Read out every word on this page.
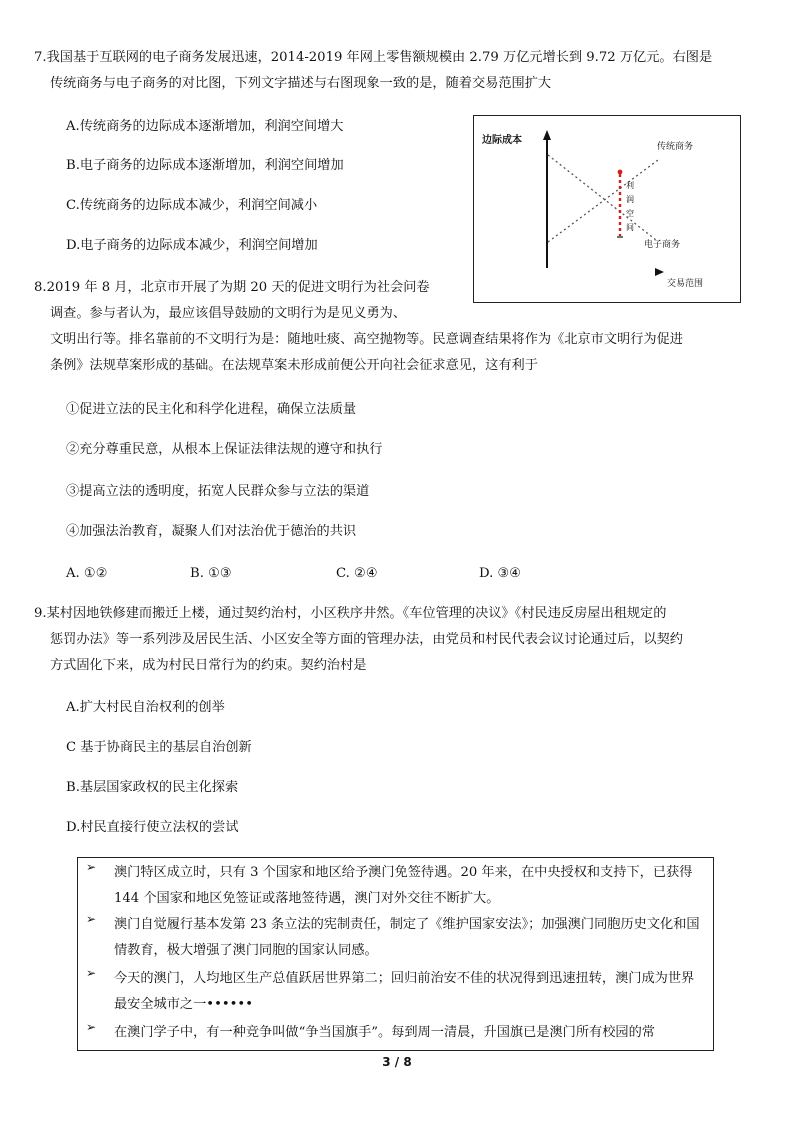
7.我国基于互联网的电子商务发展迅速，2014-2019 年网上零售额规模由 2.79 万亿元增长到 9.72 万亿元。右图是
传统商务与电子商务的对比图，下列文字描述与右图现象一致的是，随着交易范围扩大
A.传统商务的边际成本逐渐增加，利润空间增大
B.电子商务的边际成本逐渐增加，利润空间增加
C.传统商务的边际成本减少，利润空间减小
D.电子商务的边际成本减少，利润空间增加
边际成本
传统商务
电子商务
交易范围
利
润
空
间
8.2019 年 8 月，北京市开展了为期 20 天的促进文明行为社会问卷
调查。参与者认为，最应该倡导鼓励的文明行为是见义勇为、
文明出行等。排名靠前的不文明行为是：随地吐痰、高空抛物等。民意调查结果将作为《北京市文明行为促进
条例》法规草案形成的基础。在法规草案未形成前便公开向社会征求意见，这有利于
①促进立法的民主化和科学化进程，确保立法质量
②充分尊重民意，从根本上保证法律法规的遵守和执行
③提高立法的透明度，拓宽人民群众参与立法的渠道
④加强法治教育，凝聚人们对法治优于德治的共识
A. ①②	B. ①③	C. ②④	D. ③④
9.某村因地铁修建而搬迁上楼，通过契约治村，小区秩序井然。《车位管理的决议》《村民违反房屋出租规定的
惩罚办法》等一系列涉及居民生活、小区安全等方面的管理办法，由党员和村民代表会议讨论通过后，以契约
方式固化下来，成为村民日常行为的约束。契约治村是
A.扩大村民自治权利的创举
C 基于协商民主的基层自治创新
B.基层国家政权的民主化探索
D.村民直接行使立法权的尝试
➢ 澳门特区成立时，只有 3 个国家和地区给予澳门免签待遇。20 年来，在中央授权和支持下，已获得 144 个国家和地区免签证或落地签待遇，澳门对外交往不断扩大。
➢ 澳门自觉履行基本发第 23 条立法的宪制责任，制定了《维护国家安法》；加强澳门同胞历史文化和国情教育，极大增强了澳门同胞的国家认同感。
➢ 今天的澳门，人均地区生产总值跃居世界第二；回归前治安不佳的状况得到迅速扭转，澳门成为世界最安全城市之一••••••
➢ 在澳门学子中，有一种竞争叫做“争当国旗手”。每到周一清晨，升国旗已是澳门所有校园的常
3 / 8
